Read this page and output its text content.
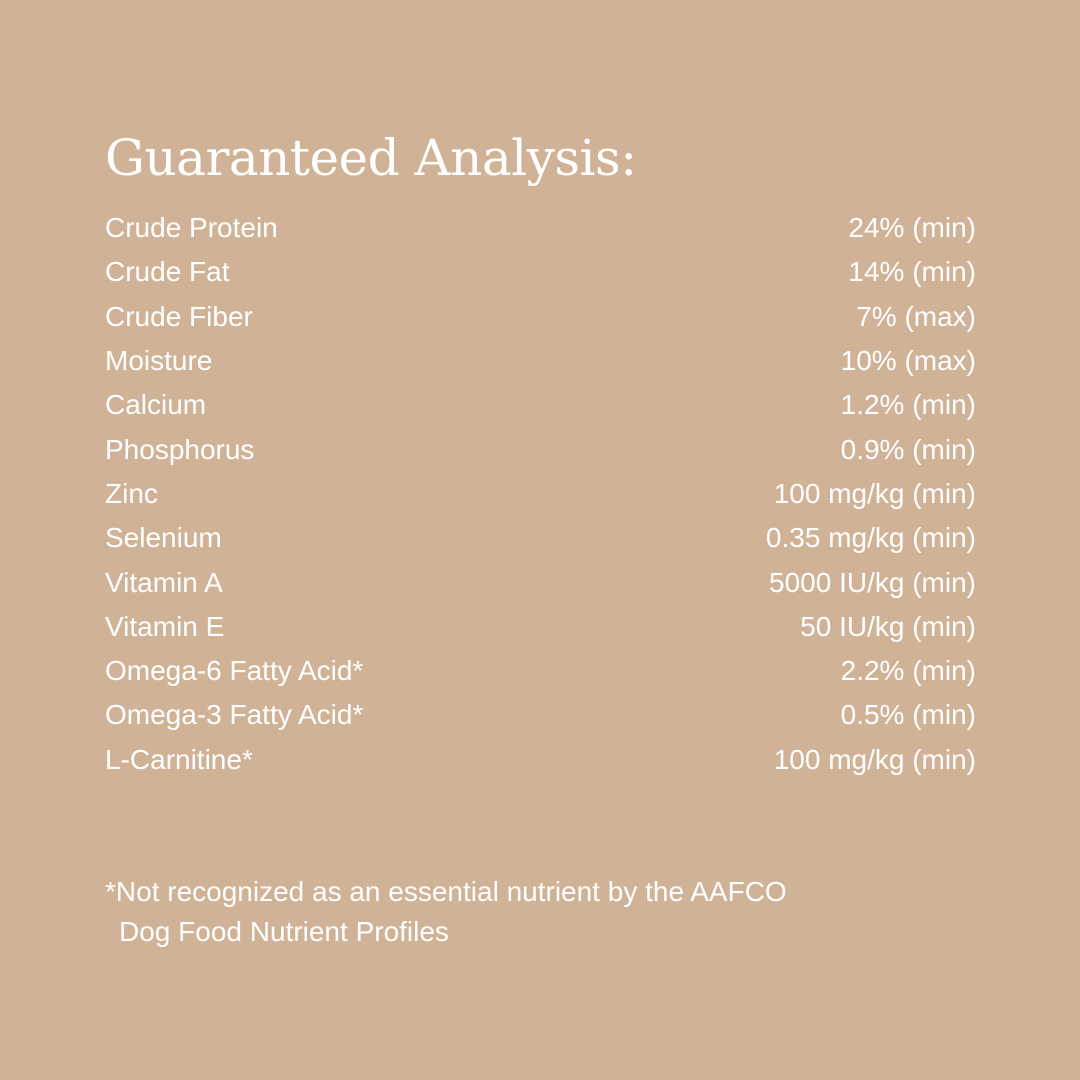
Guaranteed Analysis:
Crude Protein	24% (min)
Crude Fat	14% (min)
Crude Fiber	7% (max)
Moisture	10% (max)
Calcium	1.2% (min)
Phosphorus	0.9% (min)
Zinc	100 mg/kg (min)
Selenium	0.35 mg/kg (min)
Vitamin A	5000 IU/kg (min)
Vitamin E	50 IU/kg (min)
Omega-6 Fatty Acid*	2.2% (min)
Omega-3 Fatty Acid*	0.5% (min)
L-Carnitine*	100 mg/kg (min)
*Not recognized as an essential nutrient by the AAFCO
Dog Food Nutrient Profiles
